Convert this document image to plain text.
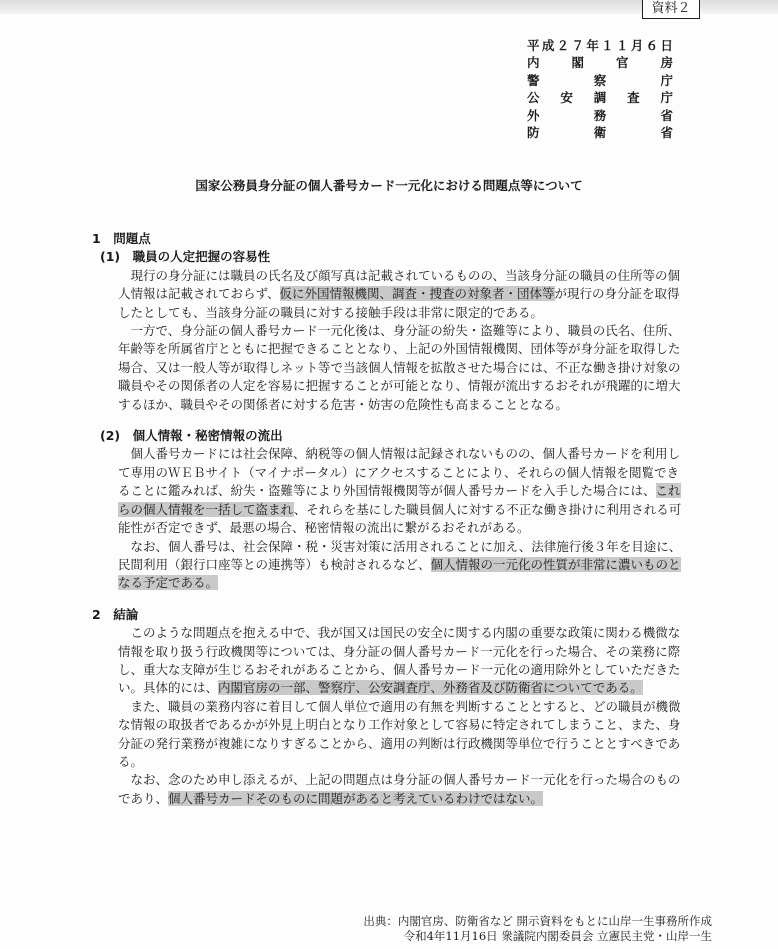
資料２
平成２７年１１月６日
内閣官房
警察庁
公安調査庁
外務省
防衛省
国家公務員身分証の個人番号カード一元化における問題点等について
1　問題点
(1)　職員の人定把握の容易性

現行の身分証には職員の氏名及び顔写真は記載されているものの、当該身分証の職員の住所等の個人情報は記載されておらず、仮に外国情報機関、調査・捜査の対象者・団体等が現行の身分証を取得したとしても、当該身分証の職員に対する接触手段は非常に限定的である。

一方で、身分証の個人番号カード一元化後は、身分証の紛失・盗難等により、職員の氏名、住所、年齢等を所属省庁とともに把握できることとなり、上記の外国情報機関、団体等が身分証を取得した場合、又は一般人等が取得しネット等で当該個人情報を拡散させた場合には、不正な働き掛け対象の職員やその関係者の人定を容易に把握することが可能となり、情報が流出するおそれが飛躍的に増大するほか、職員やその関係者に対する危害・妨害の危険性も高まることとなる。

(2)　個人情報・秘密情報の流出

個人番号カードには社会保障、納税等の個人情報は記録されないものの、個人番号カードを利用して専用のＷＥＢサイト（マイナポータル）にアクセスすることにより、それらの個人情報を閲覧できることに鑑みれば、紛失・盗難等により外国情報機関等が個人番号カードを入手した場合には、これらの個人情報を一括して盗まれ、それらを基にした職員個人に対する不正な働き掛けに利用される可能性が否定できず、最悪の場合、秘密情報の流出に繋がるおそれがある。

なお、個人番号は、社会保障・税・災害対策に活用されることに加え、法律施行後３年を目途に、民間利用（銀行口座等との連携等）も検討されるなど、個人情報の一元化の性質が非常に濃いものとなる予定である。

2　結論

このような問題点を抱える中で、我が国又は国民の安全に関する内閣の重要な政策に関わる機微な情報を取り扱う行政機関等については、身分証の個人番号カード一元化を行った場合、その業務に際し、重大な支障が生じるおそれがあることから、個人番号カード一元化の適用除外としていただきたい。具体的には、内閣官房の一部、警察庁、公安調査庁、外務省及び防衛省についてである。

また、職員の業務内容に着目して個人単位で適用の有無を判断することとすると、どの職員が機微な情報の取扱者であるかが外見上明白となり工作対象として容易に特定されてしまうこと、また、身分証の発行業務が複雑になりすぎることから、適用の判断は行政機関等単位で行うこととすべきである。

なお、念のため申し添えるが、上記の問題点は身分証の個人番号カード一元化を行った場合のものであり、個人番号カードそのものに問題があると考えているわけではない。

出典：内閣官房、防衛省など 開示資料をもとに山岸一生事務所作成
令和4年11月16日 衆議院内閣委員会 立憲民主党・山岸一生
